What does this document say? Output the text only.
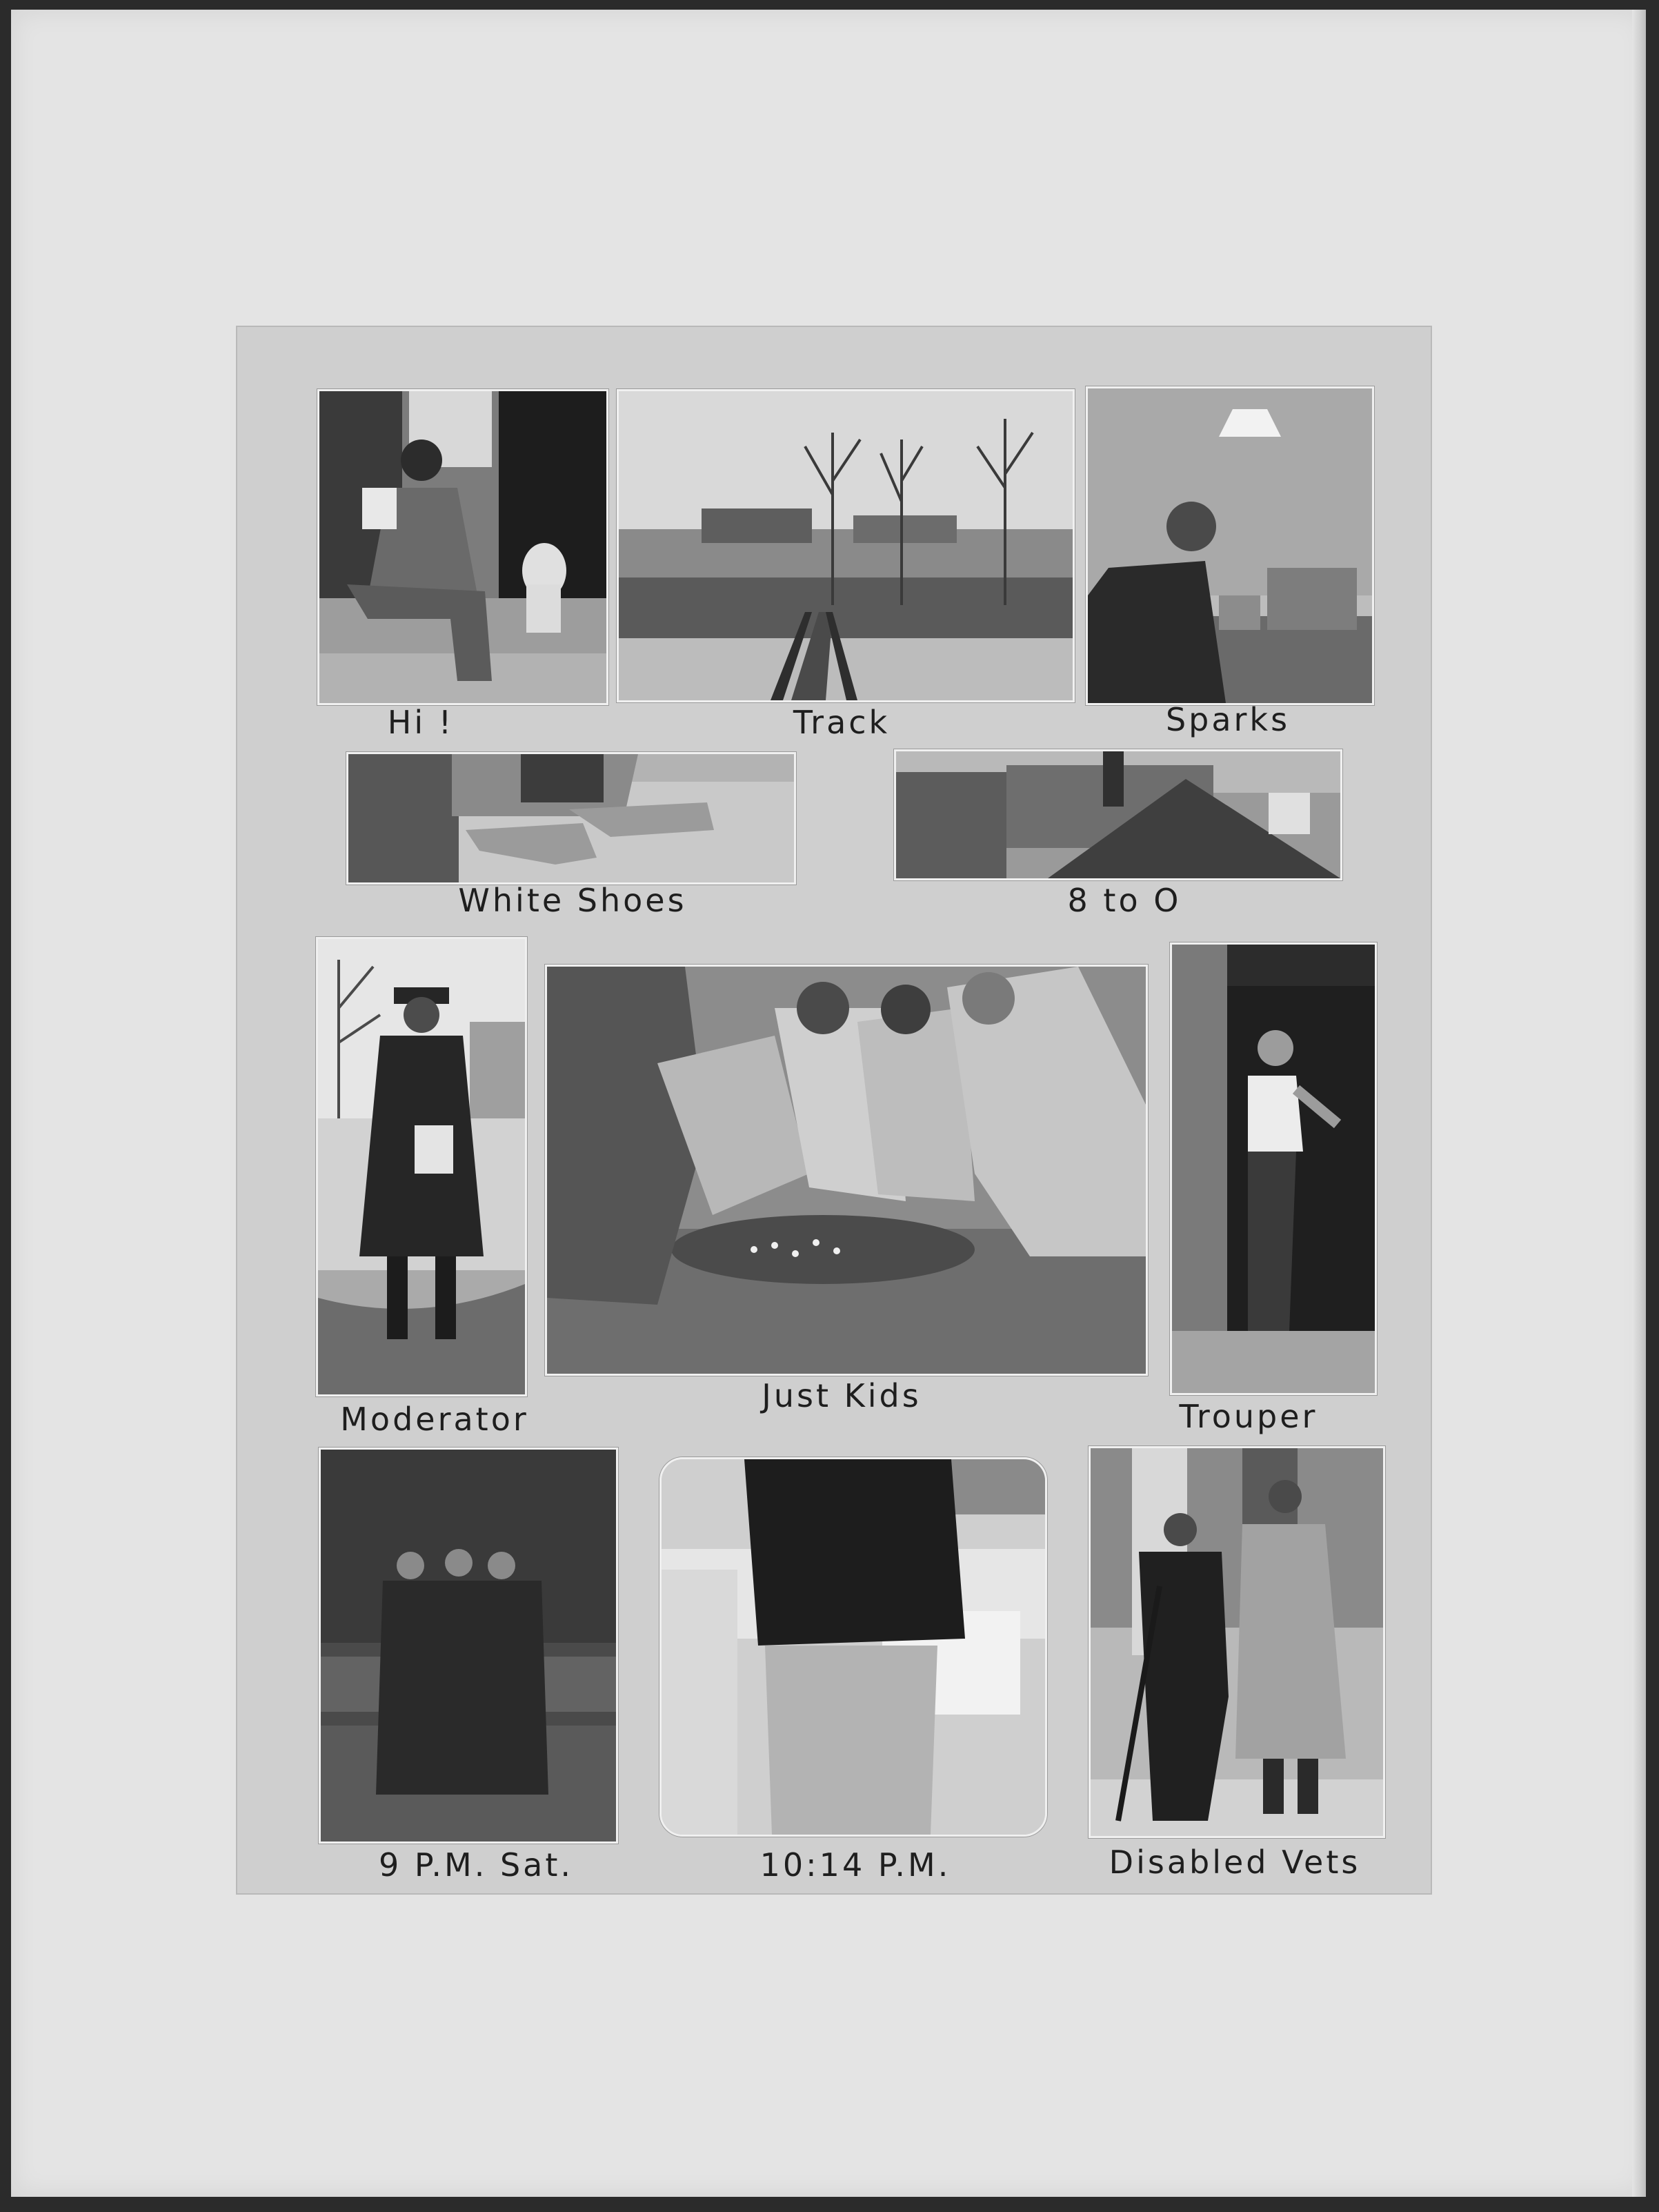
Hi !	Track	Sparks
White Shoes	8 to O
Moderator
Just Kids
Trouper
9 P.M. Sat.	10:14 P.M.	Disabled Vets
